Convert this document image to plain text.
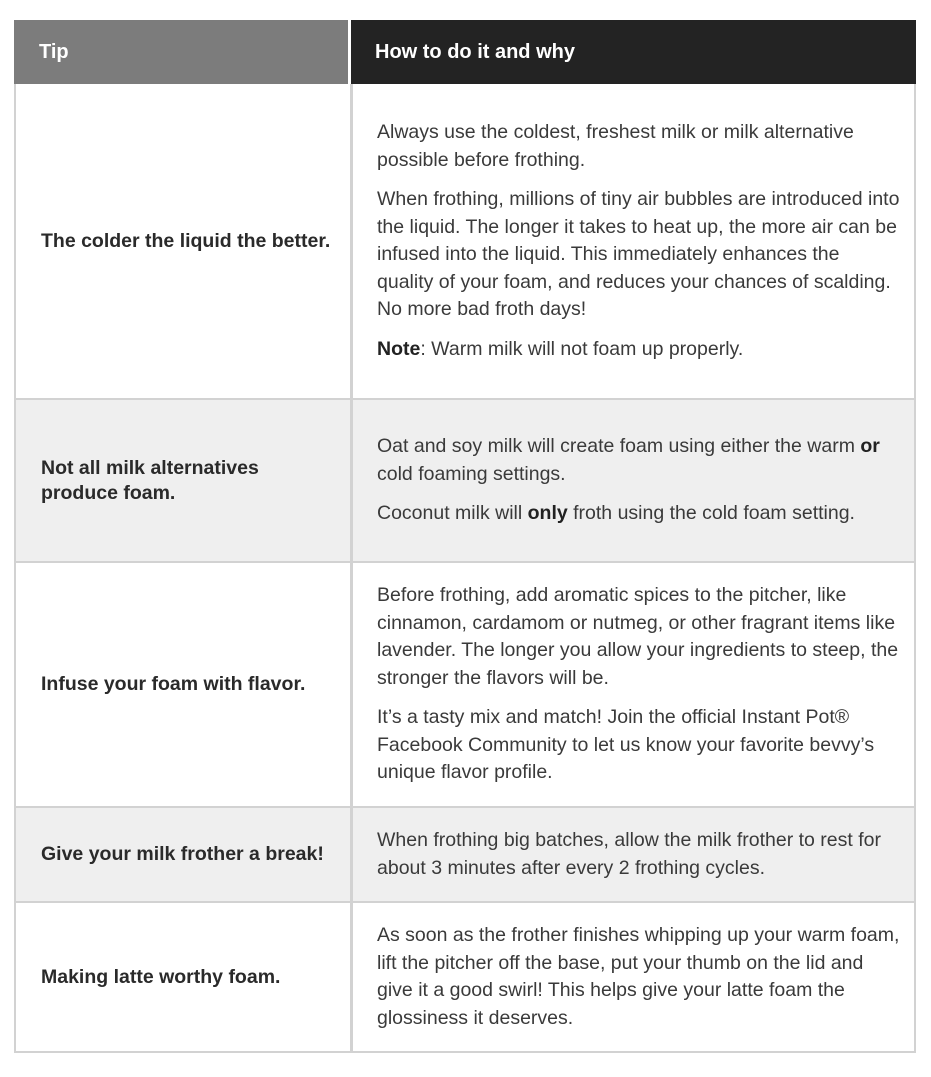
Tip	How to do it and why
The colder the liquid the better.

Always use the coldest, freshest milk or milk alternative possible before frothing.

When frothing, millions of tiny air bubbles are introduced into the liquid. The longer it takes to heat up, the more air can be infused into the liquid. This immediately enhances the quality of your foam, and reduces your chances of scalding. No more bad froth days!

Note: Warm milk will not foam up properly.

Not all milk alternatives produce foam.

Oat and soy milk will create foam using either the warm or cold foaming settings.

Coconut milk will only froth using the cold foam setting.

Infuse your foam with flavor.

Before frothing, add aromatic spices to the pitcher, like cinnamon, cardamom or nutmeg, or other fragrant items like lavender. The longer you allow your ingredients to steep, the stronger the flavors will be.

It’s a tasty mix and match! Join the official Instant Pot® Facebook Community to let us know your favorite bevvy’s unique flavor profile.

Give your milk frother a break!

When frothing big batches, allow the milk frother to rest for about 3 minutes after every 2 frothing cycles.

Making latte worthy foam.

As soon as the frother finishes whipping up your warm foam, lift the pitcher off the base, put your thumb on the lid and give it a good swirl! This helps give your latte foam the glossiness it deserves.
